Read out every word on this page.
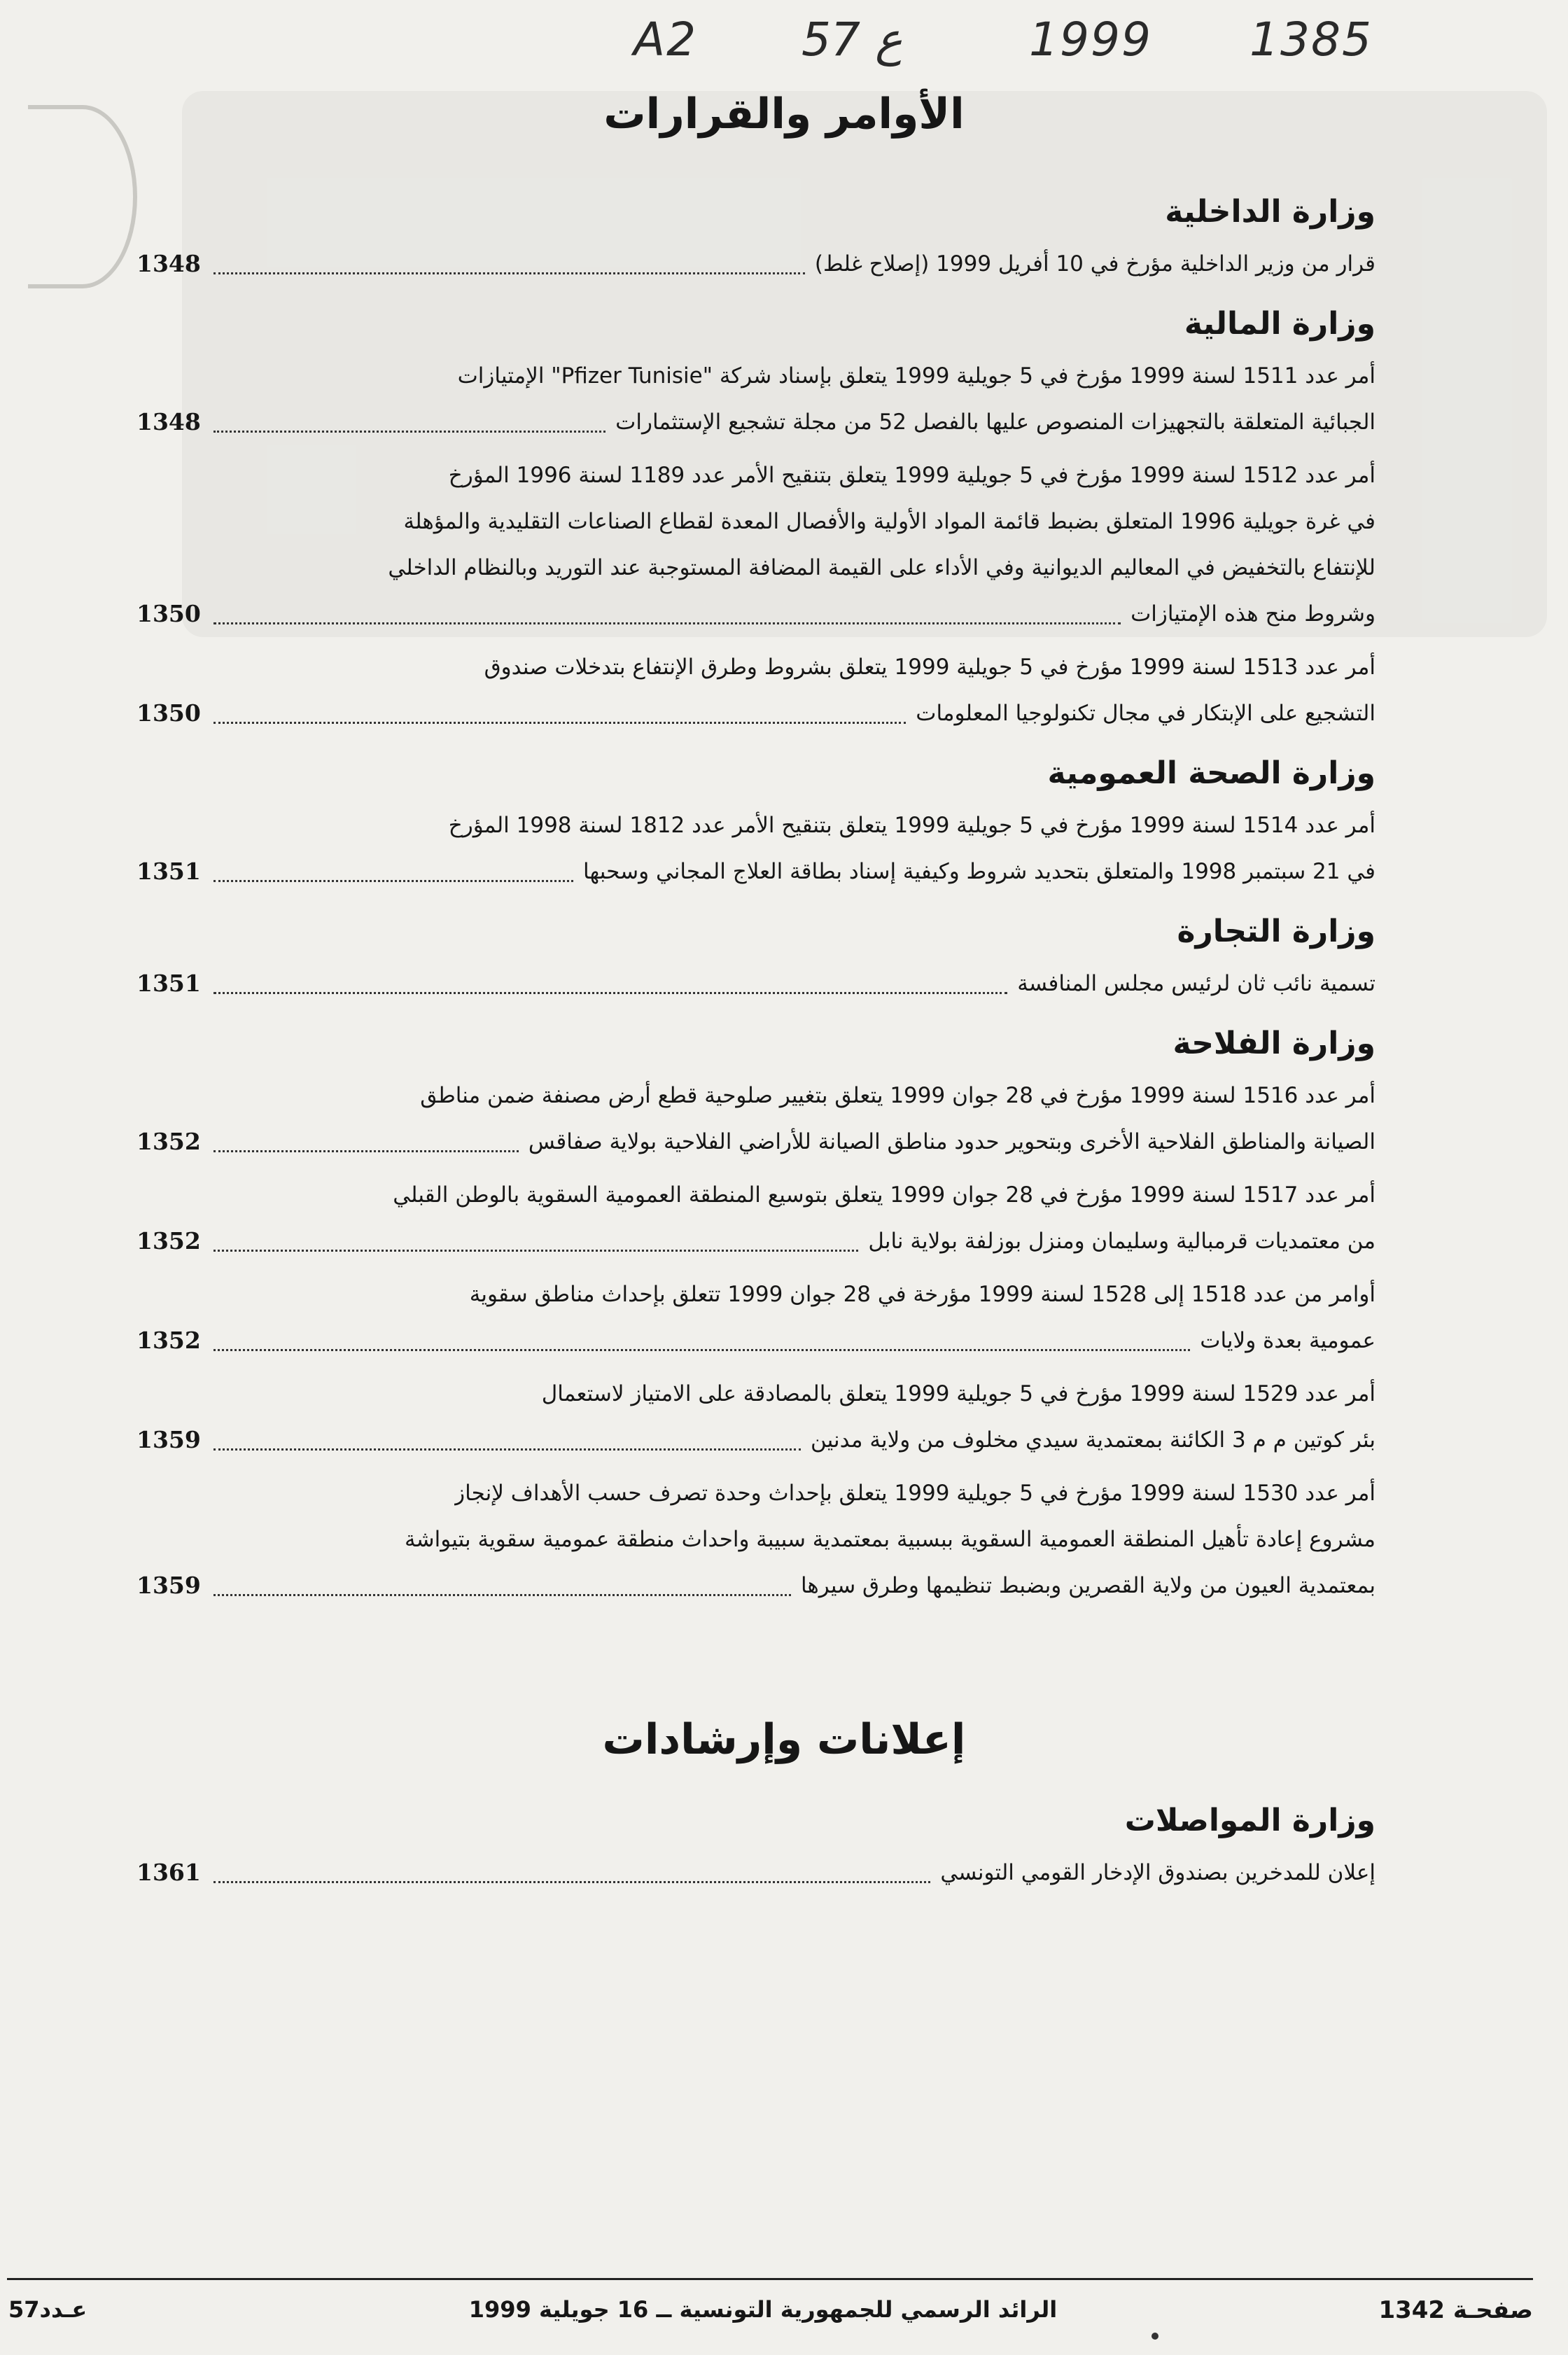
A2 57 ع	1999 1385
الأوامر والقرارات
وزارة الداخلية
قرار من وزير الداخلية مؤرخ في 10 أفريل 1999 (إصلاح غلط)
1348
وزارة المالية
أمر عدد 1511 لسنة 1999 مؤرخ في 5 جويلية 1999 يتعلق بإسناد شركة "Pfizer Tunisie" الإمتيازات
الجبائية المتعلقة بالتجهيزات المنصوص عليها بالفصل 52 من مجلة تشجيع الإستثمارات
1348
أمر عدد 1512 لسنة 1999 مؤرخ في 5 جويلية 1999 يتعلق بتنقيح الأمر عدد 1189 لسنة 1996 المؤرخ
في غرة جويلية 1996 المتعلق بضبط قائمة المواد الأولية والأفصال المعدة لقطاع الصناعات التقليدية والمؤهلة
للإنتفاع بالتخفيض في المعاليم الديوانية وفي الأداء على القيمة المضافة المستوجبة عند التوريد وبالنظام الداخلي
وشروط منح هذه الإمتيازات
1350
أمر عدد 1513 لسنة 1999 مؤرخ في 5 جويلية 1999 يتعلق بشروط وطرق الإنتفاع بتدخلات صندوق
التشجيع على الإبتكار في مجال تكنولوجيا المعلومات
1350
وزارة الصحة العمومية
أمر عدد 1514 لسنة 1999 مؤرخ في 5 جويلية 1999 يتعلق بتنقيح الأمر عدد 1812 لسنة 1998 المؤرخ
في 21 سبتمبر 1998 والمتعلق بتحديد شروط وكيفية إسناد بطاقة العلاج المجاني وسحبها
1351
وزارة التجارة
تسمية نائب ثان لرئيس مجلس المنافسة
1351
وزارة الفلاحة
أمر عدد 1516 لسنة 1999 مؤرخ في 28 جوان 1999 يتعلق بتغيير صلوحية قطع أرض مصنفة ضمن مناطق
الصيانة والمناطق الفلاحية الأخرى وبتحوير حدود مناطق الصيانة للأراضي الفلاحية بولاية صفاقس
1352
أمر عدد 1517 لسنة 1999 مؤرخ في 28 جوان 1999 يتعلق بتوسيع المنطقة العمومية السقوية بالوطن القبلي
من معتمديات قرمبالية وسليمان ومنزل بوزلفة بولاية نابل
1352
أوامر من عدد 1518 إلى 1528 لسنة 1999 مؤرخة في 28 جوان 1999 تتعلق بإحداث مناطق سقوية
عمومية بعدة ولايات
1352
أمر عدد 1529 لسنة 1999 مؤرخ في 5 جويلية 1999 يتعلق بالمصادقة على الامتياز لاستعمال
بئر كوتين م م 3 الكائنة بمعتمدية سيدي مخلوف من ولاية مدنين
1359
أمر عدد 1530 لسنة 1999 مؤرخ في 5 جويلية 1999 يتعلق بإحداث وحدة تصرف حسب الأهداف لإنجاز
مشروع إعادة تأهيل المنطقة العمومية السقوية ببسبية بمعتمدية سبيبة واحداث منطقة عمومية سقوية بتيواشة
بمعتمدية العيون من ولاية القصرين وبضبط تنظيمها وطرق سيرها
1359
إعلانات وإرشادات
وزارة المواصلات
إعلان للمدخرين بصندوق الإدخار القومي التونسي
1361
عـدد57	الرائد الرسمي للجمهورية التونسية ــ 16 جويلية 1999	صفحـة 1342
